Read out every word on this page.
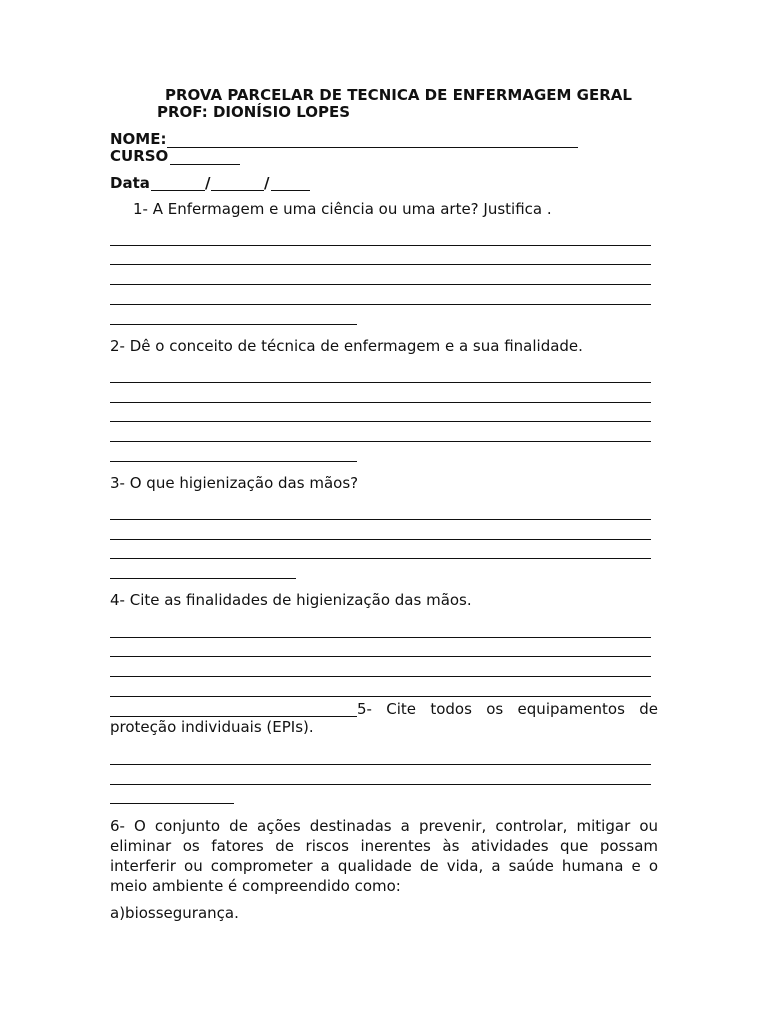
PROVA PARCELAR DE TECNICA DE ENFERMAGEM GERAL
PROF: DIONÍSIO LOPES
NOME:
CURSO
Data	/	/
1- A Enfermagem e uma ciência ou uma arte? Justifica .
2- Dê o conceito de técnica de enfermagem e a sua finalidade.
3- O que higienização das mãos?
4- Cite as finalidades de higienização das mãos.
5- Cite todos os equipamentos de
proteção individuais (EPIs).
6- O conjunto de ações destinadas a prevenir, controlar, mitigar ou eliminar os fatores de riscos inerentes às atividades que possam interferir ou comprometer a qualidade de vida, a saúde humana e o meio ambiente é compreendido como:
a)biossegurança.
